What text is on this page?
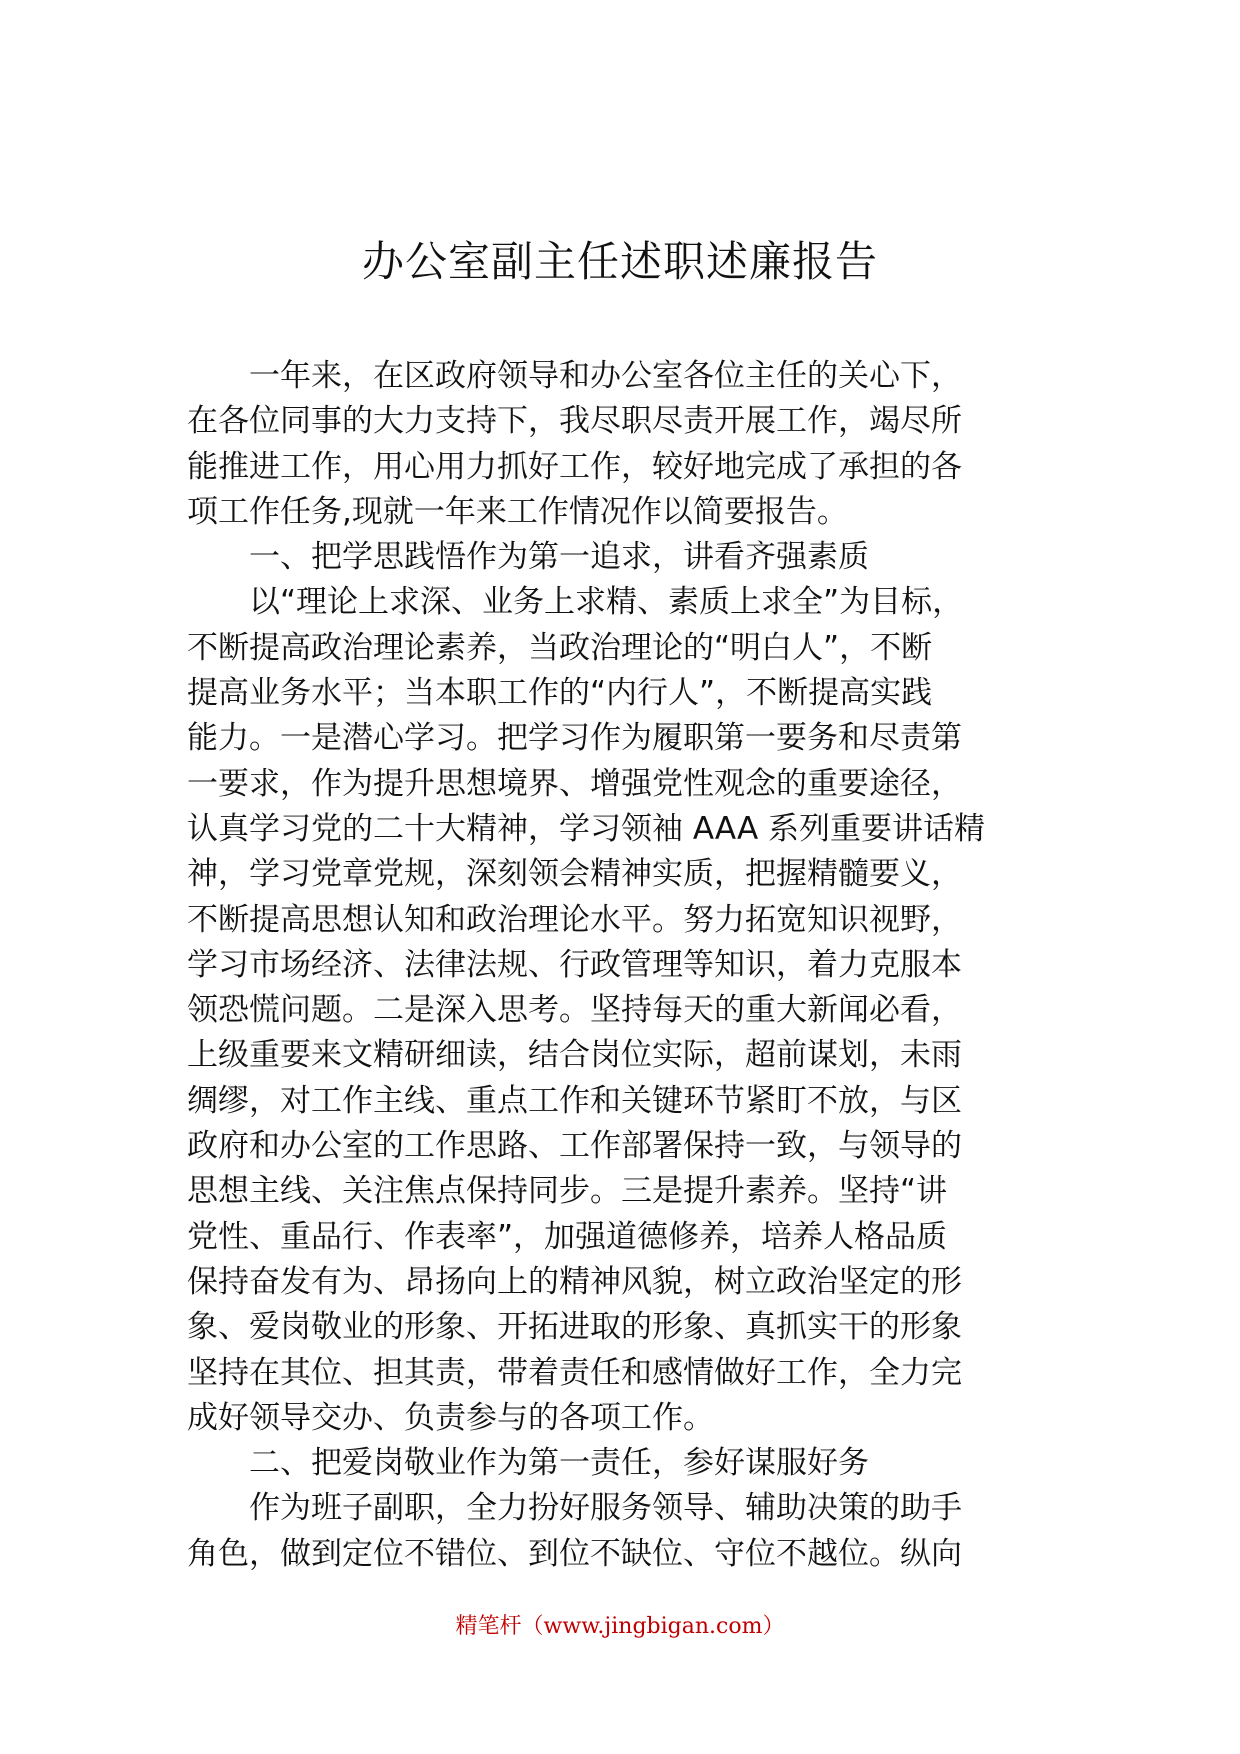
办公室副主任述职述廉报告

　　一年来，在区政府领导和办公室各位主任的关心下，

在各位同事的大力支持下，我尽职尽责开展工作，竭尽所

能推进工作，用心用力抓好工作，较好地完成了承担的各

项工作任务,现就一年来工作情况作以简要报告。

　　一、把学思践悟作为第一追求，讲看齐强素质

　　以“理论上求深、业务上求精、素质上求全”为目标，

不断提高政治理论素养，当政治理论的“明白人”，不断

提高业务水平；当本职工作的“内行人”，不断提高实践

能力。一是潜心学习。把学习作为履职第一要务和尽责第

一要求，作为提升思想境界、增强党性观念的重要途径，

认真学习党的二十大精神，学习领袖 AAA 系列重要讲话精

神，学习党章党规，深刻领会精神实质，把握精髓要义，

不断提高思想认知和政治理论水平。努力拓宽知识视野，

学习市场经济、法律法规、行政管理等知识，着力克服本

领恐慌问题。二是深入思考。坚持每天的重大新闻必看，

上级重要来文精研细读，结合岗位实际，超前谋划，未雨

绸缪，对工作主线、重点工作和关键环节紧盯不放，与区

政府和办公室的工作思路、工作部署保持一致，与领导的

思想主线、关注焦点保持同步。三是提升素养。坚持“讲

党性、重品行、作表率”，加强道德修养，培养人格品质

保持奋发有为、昂扬向上的精神风貌，树立政治坚定的形

象、爱岗敬业的形象、开拓进取的形象、真抓实干的形象

坚持在其位、担其责，带着责任和感情做好工作，全力完

成好领导交办、负责参与的各项工作。

　　二、把爱岗敬业作为第一责任，参好谋服好务

　　作为班子副职，全力扮好服务领导、辅助决策的助手

角色，做到定位不错位、到位不缺位、守位不越位。纵向

精笔杆（www.jingbigan.com）
